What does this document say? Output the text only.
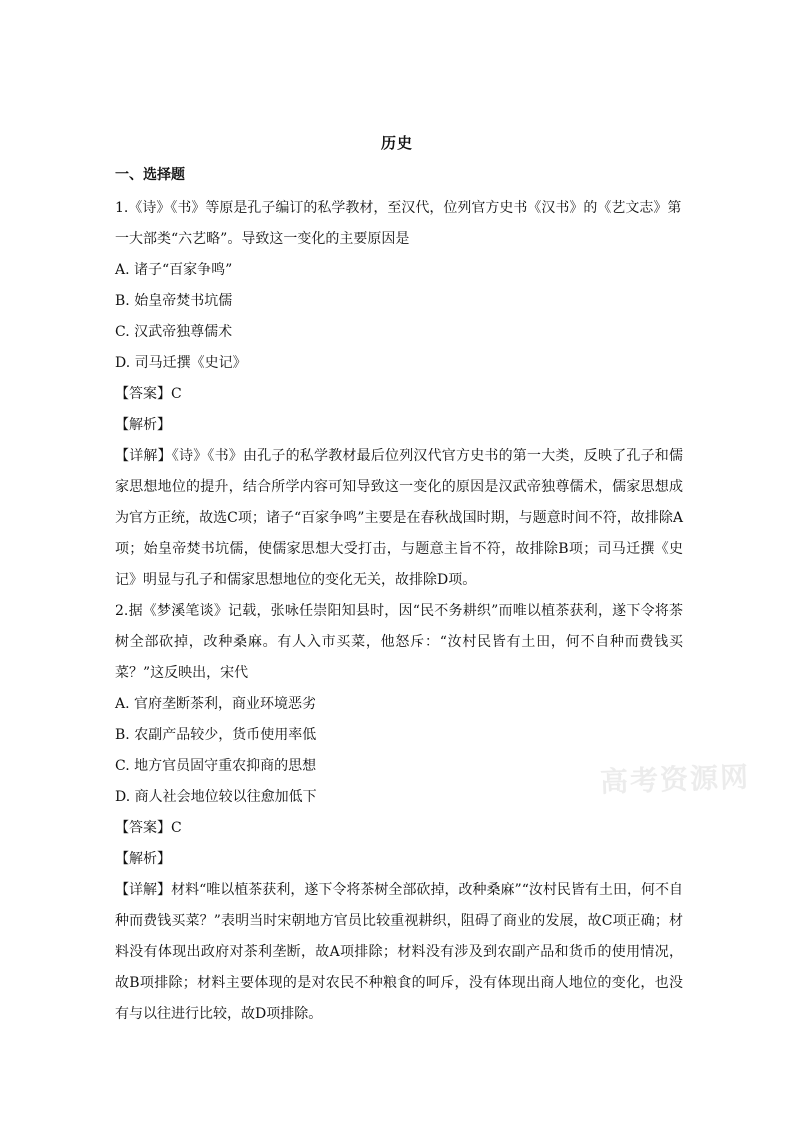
历史
一、选择题
1.《诗》《书》等原是孔子编订的私学教材，至汉代，位列官方史书《汉书》的《艺文志》第
一大部类“六艺略”。导致这一变化的主要原因是
A. 诸子“百家争鸣”
B. 始皇帝焚书坑儒
C. 汉武帝独尊儒术
D. 司马迁撰《史记》
【答案】C
【解析】
【详解】《诗》《书》由孔子的私学教材最后位列汉代官方史书的第一大类，反映了孔子和儒家思想地位的提升，结合所学内容可知导致这一变化的原因是汉武帝独尊儒术，儒家思想成为官方正统，故选C项；诸子“百家争鸣”主要是在春秋战国时期，与题意时间不符，故排除A项；始皇帝焚书坑儒，使儒家思想大受打击，与题意主旨不符，故排除B项；司马迁撰《史记》明显与孔子和儒家思想地位的变化无关，故排除D项。
2.据《梦溪笔谈》记载，张咏任崇阳知县时，因“民不务耕织”而唯以植茶获利，遂下令将茶树全部砍掉，改种桑麻。有人入市买菜，他怒斥：“汝村民皆有土田，何不自种而费钱买菜？”这反映出，宋代
A. 官府垄断茶利，商业环境恶劣
B. 农副产品较少，货币使用率低
C. 地方官员固守重农抑商的思想
D. 商人社会地位较以往愈加低下
【答案】C
【解析】
【详解】材料“唯以植茶获利，遂下令将茶树全部砍掉，改种桑麻”“汝村民皆有土田，何不自种而费钱买菜？”表明当时宋朝地方官员比较重视耕织，阻碍了商业的发展，故C项正确；材料没有体现出政府对茶利垄断，故A项排除；材料没有涉及到农副产品和货币的使用情况，故B项排除；材料主要体现的是对农民不种粮食的呵斥，没有体现出商人地位的变化，也没有与以往进行比较，故D项排除。
高考资源网
